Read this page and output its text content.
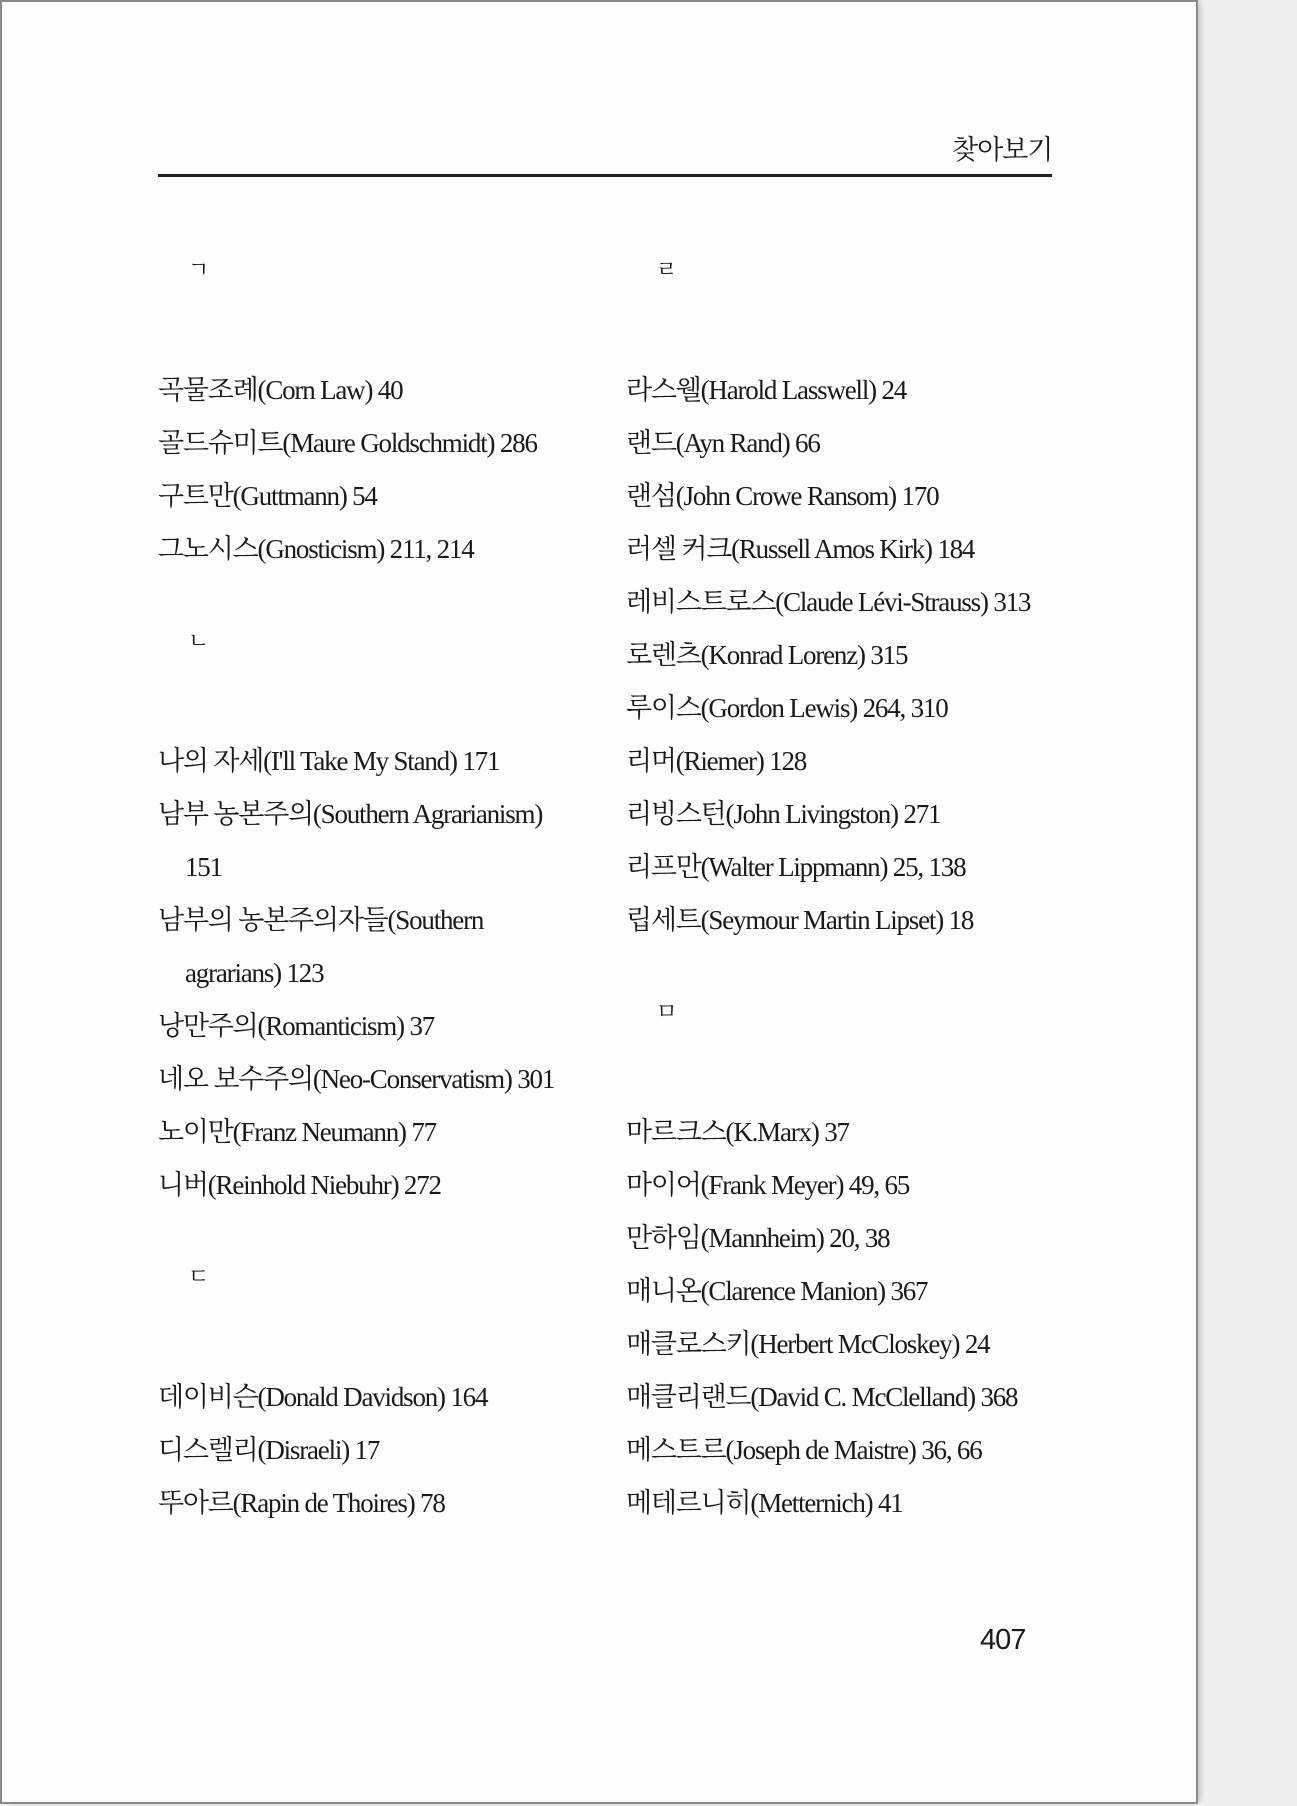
찾아보기
ㄱ
곡물조례(Corn Law) 40
골드슈미트(Maure Goldschmidt) 286
구트만(Guttmann) 54
그노시스(Gnosticism) 211, 214
ㄴ
나의 자세(I'll Take My Stand) 171
남부 농본주의(Southern Agrarianism)
151
남부의 농본주의자들(Southern
agrarians) 123
낭만주의(Romanticism) 37
네오 보수주의(Neo-Conservatism) 301
노이만(Franz Neumann) 77
니버(Reinhold Niebuhr) 272
ㄷ
데이비슨(Donald Davidson) 164
디스렐리(Disraeli) 17
뚜아르(Rapin de Thoires) 78
ㄹ
라스웰(Harold Lasswell) 24
랜드(Ayn Rand) 66
랜섬(John Crowe Ransom) 170
러셀 커크(Russell Amos Kirk) 184
레비스트로스(Claude Lévi-Strauss) 313
로렌츠(Konrad Lorenz) 315
루이스(Gordon Lewis) 264, 310
리머(Riemer) 128
리빙스턴(John Livingston) 271
리프만(Walter Lippmann) 25, 138
립세트(Seymour Martin Lipset) 18
ㅁ
마르크스(K.Marx) 37
마이어(Frank Meyer) 49, 65
만하임(Mannheim) 20, 38
매니온(Clarence Manion) 367
매클로스키(Herbert McCloskey) 24
매클리랜드(David C. McClelland) 368
메스트르(Joseph de Maistre) 36, 66
메테르니히(Metternich) 41
407
